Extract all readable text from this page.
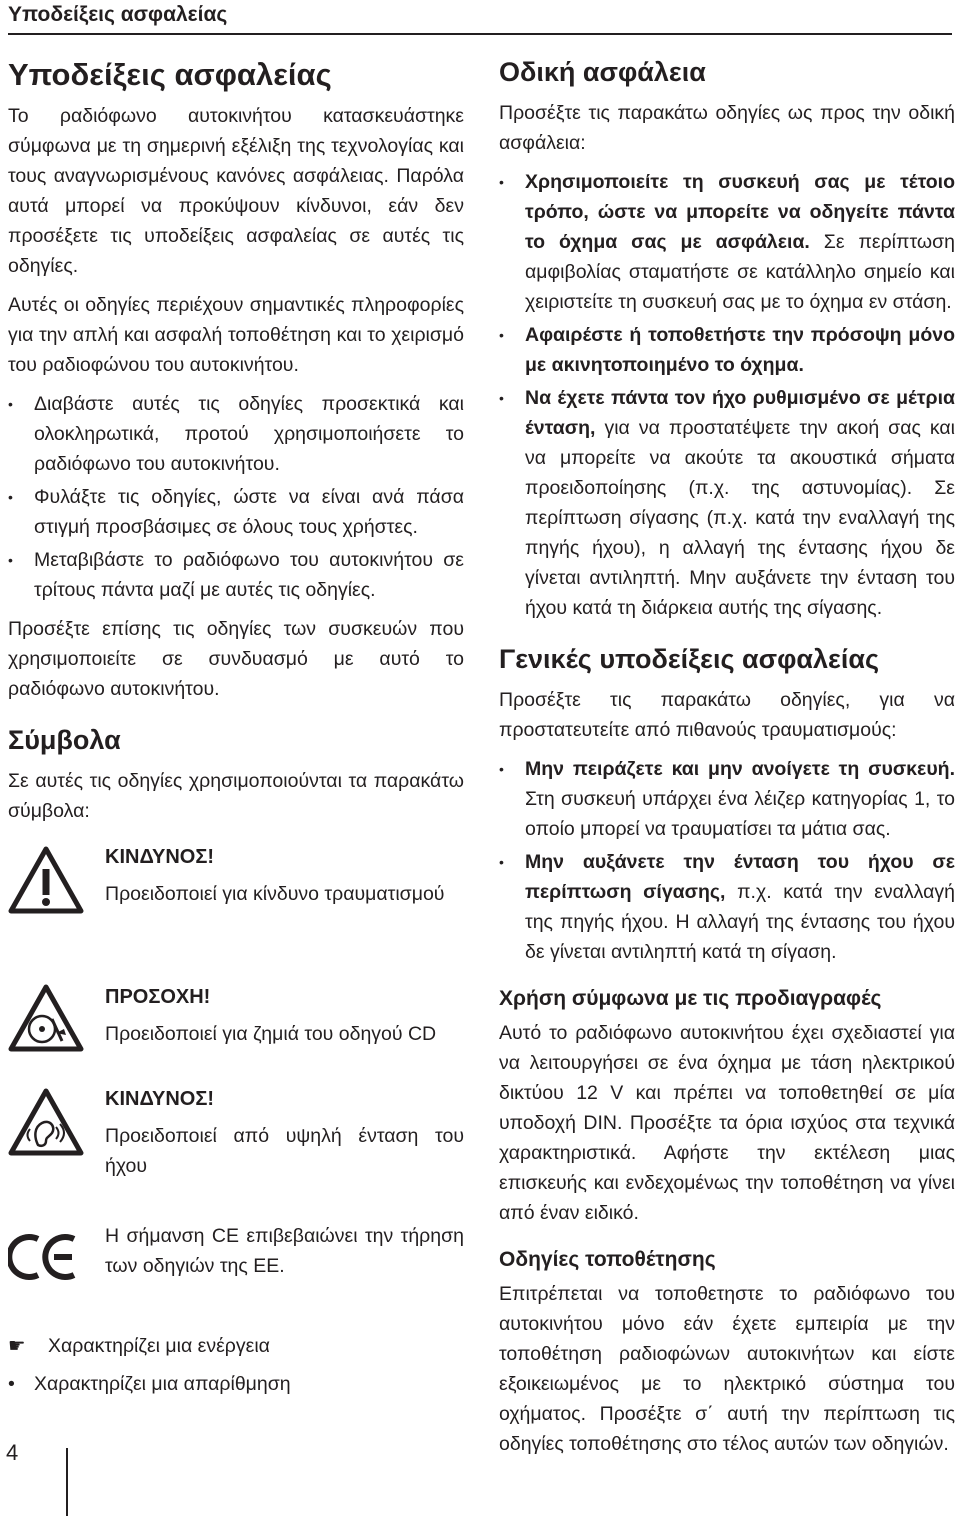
Υποδείξεις ασφαλείας
Υποδείξεις ασφαλείας

Το ραδιόφωνο αυτοκινήτου κατασκευάστηκε σύμφωνα με τη σημερινή εξέλιξη της τεχνολογίας και τους αναγνωρισμένους κανόνες ασφάλειας. Παρόλα αυτά μπορεί να προκύψουν κίνδυνοι, εάν δεν προσέξετε τις υποδείξεις ασφαλείας σε αυτές τις οδηγίες.

Αυτές οι οδηγίες περιέχουν σημαντικές πληροφορίες για την απλή και ασφαλή τοποθέτηση και το χειρισμό του ραδιοφώνου του αυτοκινήτου.

• Διαβάστε αυτές τις οδηγίες προσεκτικά και ολοκληρωτικά, προτού χρησιμοποιήσετε το ραδιόφωνο του αυτοκινήτου.
• Φυλάξτε τις οδηγίες, ώστε να είναι ανά πάσα στιγμή προσβάσιμες σε όλους τους χρήστες.
• Μεταβιβάστε το ραδιόφωνο του αυτοκινήτου σε τρίτους πάντα μαζί με αυτές τις οδηγίες.

Προσέξτε επίσης τις οδηγίες των συσκευών που χρησιμοποιείτε σε συνδυασμό με αυτό το ραδιόφωνο αυτοκινήτου.

Σύμβολα

Σε αυτές τις οδηγίες χρησιμοποιούνται τα παρακάτω σύμβολα:

ΚΙΝΔΥΝΟΣ!
Προειδοποιεί για κίνδυνο τραυματισμού
ΠΡΟΣΟΧΗ!
Προειδοποιεί για ζημιά του οδηγού CD
ΚΙΝΔΥΝΟΣ!
Προειδοποιεί από υψηλή ένταση του ήχου
Η σήμανση CE επιβεβαιώνει την τήρηση των οδηγιών της ΕΕ.
☛ Χαρακτηρίζει μια ενέργεια
• Χαρακτηρίζει μια απαρίθμηση
Οδική ασφάλεια

Προσέξτε τις παρακάτω οδηγίες ως προς την οδική ασφάλεια:

• Χρησιμοποιείτε τη συσκευή σας με τέτοιο τρόπο, ώστε να μπορείτε να οδηγείτε πάντα το όχημα σας με ασφάλεια. Σε περίπτωση αμφιβολίας σταματήστε σε κατάλληλο σημείο και χειριστείτε τη συσκευή σας με το όχημα εν στάση.
• Αφαιρέστε ή τοποθετήστε την πρόσοψη μόνο με ακινητοποιημένο το όχημα.
• Να έχετε πάντα τον ήχο ρυθμισμένο σε μέτρια ένταση, για να προστατέψετε την ακοή σας και να μπορείτε να ακούτε τα ακουστικά σήματα προειδοποίησης (π.χ. της αστυνομίας). Σε περίπτωση σίγασης (π.χ. κατά την εναλλαγή της πηγής ήχου), η αλλαγή της έντασης ήχου δε γίνεται αντιληπτή. Μην αυξάνετε την ένταση του ήχου κατά τη διάρκεια αυτής της σίγασης.
Γενικές υποδείξεις ασφαλείας

Προσέξτε τις παρακάτω οδηγίες, για να προστατευτείτε από πιθανούς τραυματισμούς:

• Μην πειράζετε και μην ανοίγετε τη συσκευή. Στη συσκευή υπάρχει ένα λέιζερ κατηγορίας 1, το οποίο μπορεί να τραυματίσει τα μάτια σας.
• Μην αυξάνετε την ένταση του ήχου σε περίπτωση σίγασης, π.χ. κατά την εναλλαγή της πηγής ήχου. Η αλλαγή της έντασης του ήχου δε γίνεται αντιληπτή κατά τη σίγαση.
Χρήση σύμφωνα με τις προδιαγραφές

Αυτό το ραδιόφωνο αυτοκινήτου έχει σχεδιαστεί για να λειτουργήσει σε ένα όχημα με τάση ηλεκτρικού δικτύου 12 V και πρέπει να τοποθετηθεί σε μία υποδοχή DIN. Προσέξτε τα όρια ισχύος στα τεχνικά χαρακτηριστικά. Αφήστε την εκτέλεση μιας επισκευής και ενδεχομένως την τοποθέτηση να γίνει από έναν ειδικό.

Οδηγίες τοποθέτησης

Επιτρέπεται να τοποθετηστε το ραδιόφωνο του αυτοκινήτου μόνο εάν έχετε εμπειρία με την τοποθέτηση ραδιοφώνων αυτοκινήτων και είστε εξοικειωμένος με το ηλεκτρικό σύστημα του οχήματος. Προσέξτε σ΄ αυτή την περίπτωση τις οδηγίες τοποθέτησης στο τέλος αυτών των οδηγιών.

4
